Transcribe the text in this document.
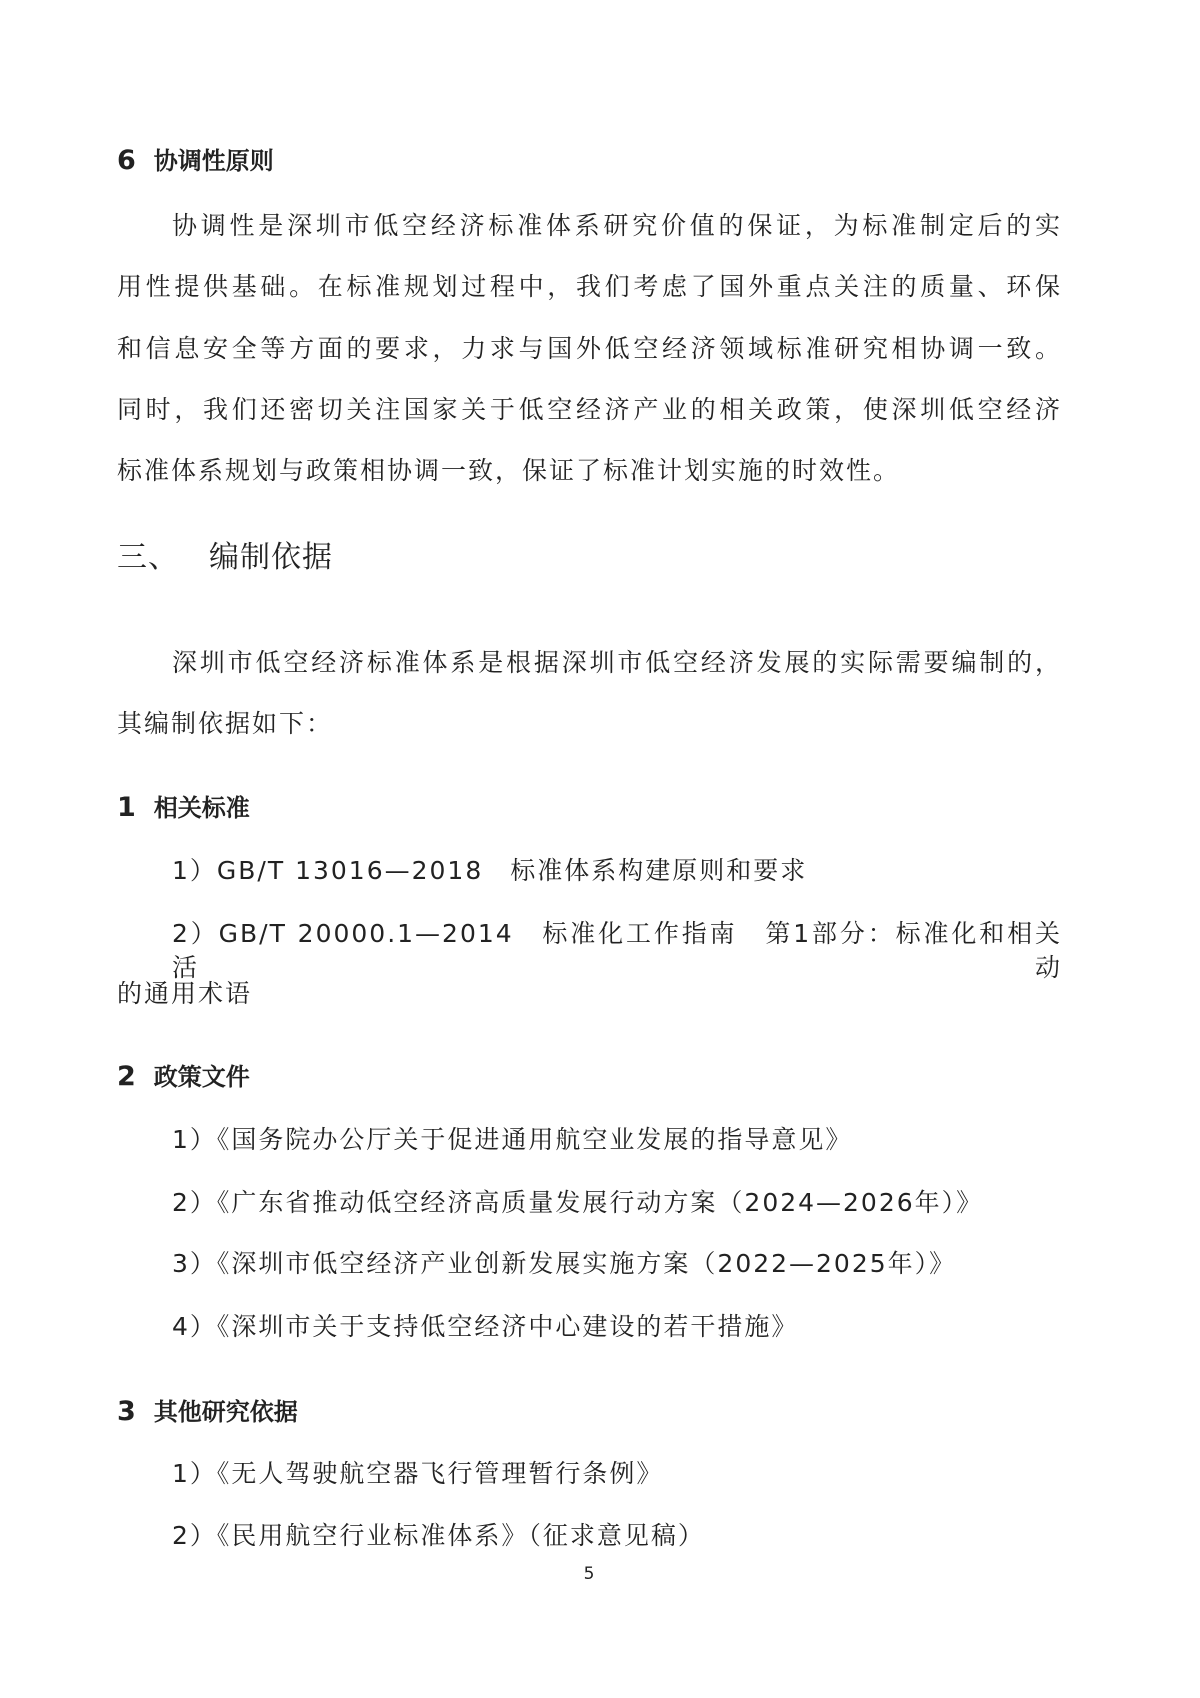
6 协调性原则
协调性是深圳市低空经济标准体系研究价值的保证，为标准制定后的实
用性提供基础。在标准规划过程中，我们考虑了国外重点关注的质量、环保
和信息安全等方面的要求，力求与国外低空经济领域标准研究相协调一致。
同时，我们还密切关注国家关于低空经济产业的相关政策，使深圳低空经济
标准体系规划与政策相协调一致，保证了标准计划实施的时效性。
三、 编制依据
深圳市低空经济标准体系是根据深圳市低空经济发展的实际需要编制的，
其编制依据如下：
1 相关标准
1）GB/T 13016—2018　标准体系构建原则和要求
2）GB/T 20000.1—2014　标准化工作指南　第1部分：标准化和相关活动
的通用术语
2 政策文件
1）《国务院办公厅关于促进通用航空业发展的指导意见》
2）《广东省推动低空经济高质量发展行动方案（2024—2026年）》
3）《深圳市低空经济产业创新发展实施方案（2022—2025年）》
4）《深圳市关于支持低空经济中心建设的若干措施》
3 其他研究依据
1）《无人驾驶航空器飞行管理暂行条例》
2）《民用航空行业标准体系》（征求意见稿）
5
